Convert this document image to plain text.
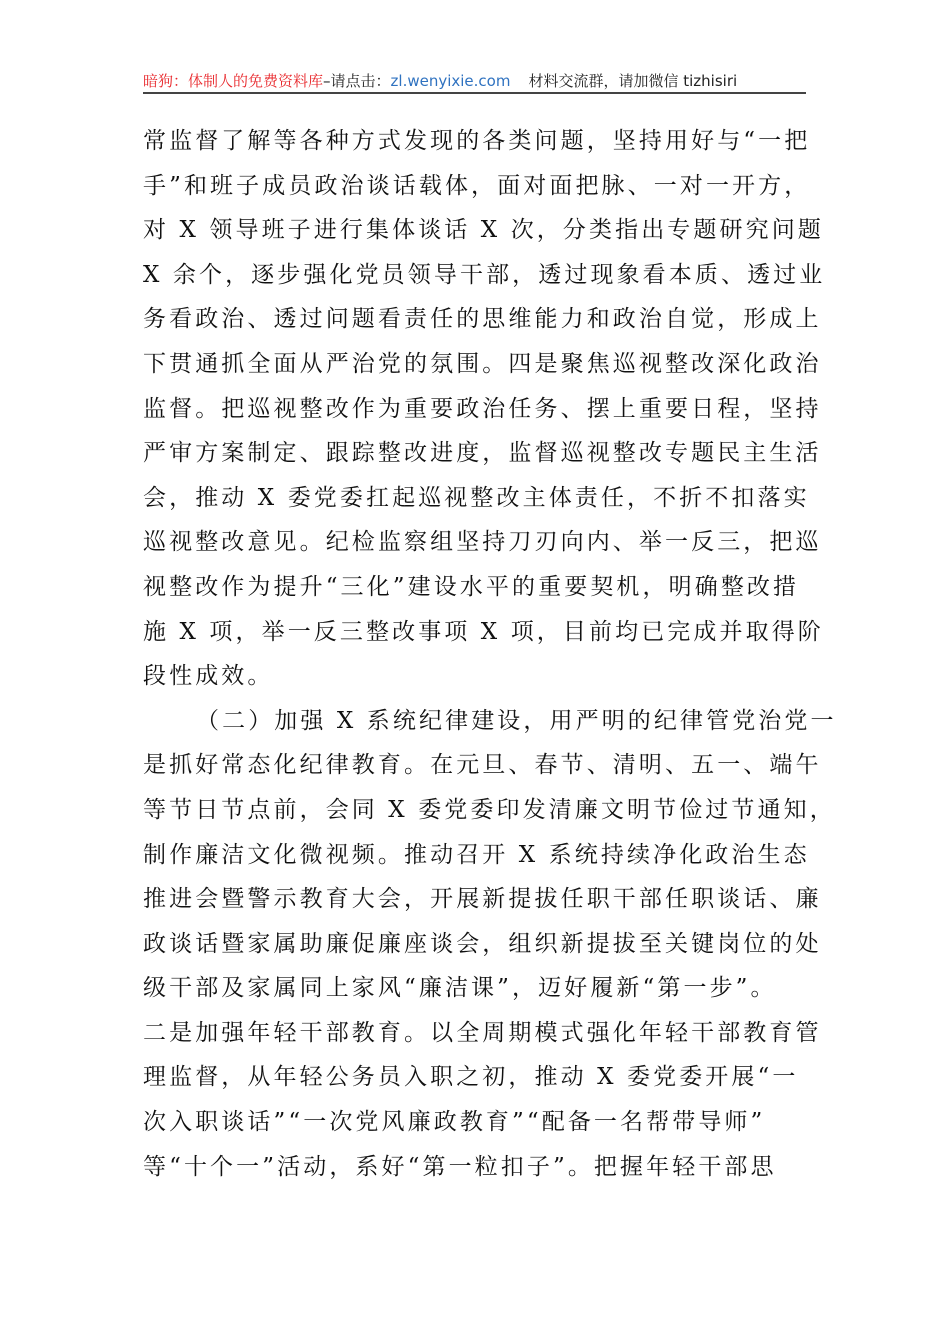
暗狗：体制人的免费资料库 –请点击： zl.wenyixie.com 材料交流群，请加微信 tizhisiri
常监督了解等各种方式发现的各类问题，坚持用好与“一把
手”和班子成员政治谈话载体，面对面把脉、一对一开方，
对 X 领导班子进行集体谈话 X 次，分类指出专题研究问题
X 余个，逐步强化党员领导干部，透过现象看本质、透过业
务看政治、透过问题看责任的思维能力和政治自觉，形成上
下贯通抓全面从严治党的氛围。四是聚焦巡视整改深化政治
监督。把巡视整改作为重要政治任务、摆上重要日程，坚持
严审方案制定、跟踪整改进度，监督巡视整改专题民主生活
会，推动 X 委党委扛起巡视整改主体责任，不折不扣落实
巡视整改意见。纪检监察组坚持刀刃向内、举一反三，把巡
视整改作为提升“三化”建设水平的重要契机，明确整改措
施 X 项，举一反三整改事项 X 项，目前均已完成并取得阶
段性成效。
（二）加强 X 系统纪律建设，用严明的纪律管党治党一
是抓好常态化纪律教育。在元旦、春节、清明、五一、端午
等节日节点前，会同 X 委党委印发清廉文明节俭过节通知，
制作廉洁文化微视频。推动召开 X 系统持续净化政治生态
推进会暨警示教育大会，开展新提拔任职干部任职谈话、廉
政谈话暨家属助廉促廉座谈会，组织新提拔至关键岗位的处
级干部及家属同上家风“廉洁课”，迈好履新“第一步”。
二是加强年轻干部教育。以全周期模式强化年轻干部教育管
理监督，从年轻公务员入职之初，推动 X 委党委开展“一
次入职谈话”“一次党风廉政教育”“配备一名帮带导师”
等“十个一”活动，系好“第一粒扣子”。把握年轻干部思
